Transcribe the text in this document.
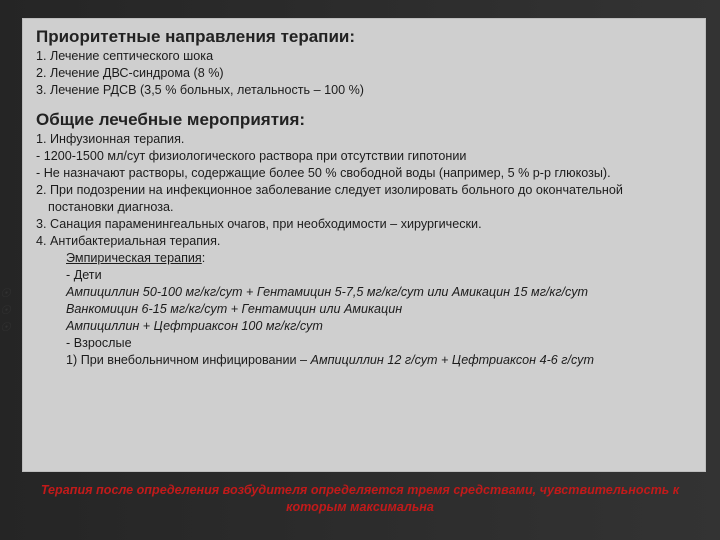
Приоритетные направления терапии:
1. Лечение септического шока
2. Лечение ДВС-синдрома (8 %)
3. Лечение РДСВ (3,5 % больных, летальность – 100 %)
Общие лечебные мероприятия:
1. Инфузионная терапия.
- 1200-1500 мл/сут физиологического раствора при отсутствии гипотонии
- Не назначают растворы, содержащие более 50 % свободной воды (например, 5 % р-р глюкозы).
2. При подозрении на инфекционное заболевание следует изолировать больного до окончательной постановки диагноза.
3. Санация параменингеальных очагов, при необходимости – хирургически.
4. Антибактериальная терапия.
Эмпирическая терапия:
- Дети
☉	Ампициллин 50-100 мг/кг/сут + Гентамицин 5-7,5 мг/кг/сут или Амикацин 15 мг/кг/сут
☉	Ванкомицин 6-15 мг/кг/сут + Гентамицин или Амикацин
☉	Ампициллин + Цефтриаксон 100 мг/кг/сут
- Взрослые
1) При внебольничном инфицировании – Ампициллин 12 г/сут + Цефтриаксон 4-6 г/сут
Терапия после определения возбудителя определяется тремя средствами, чувствительность к которым максимальна
